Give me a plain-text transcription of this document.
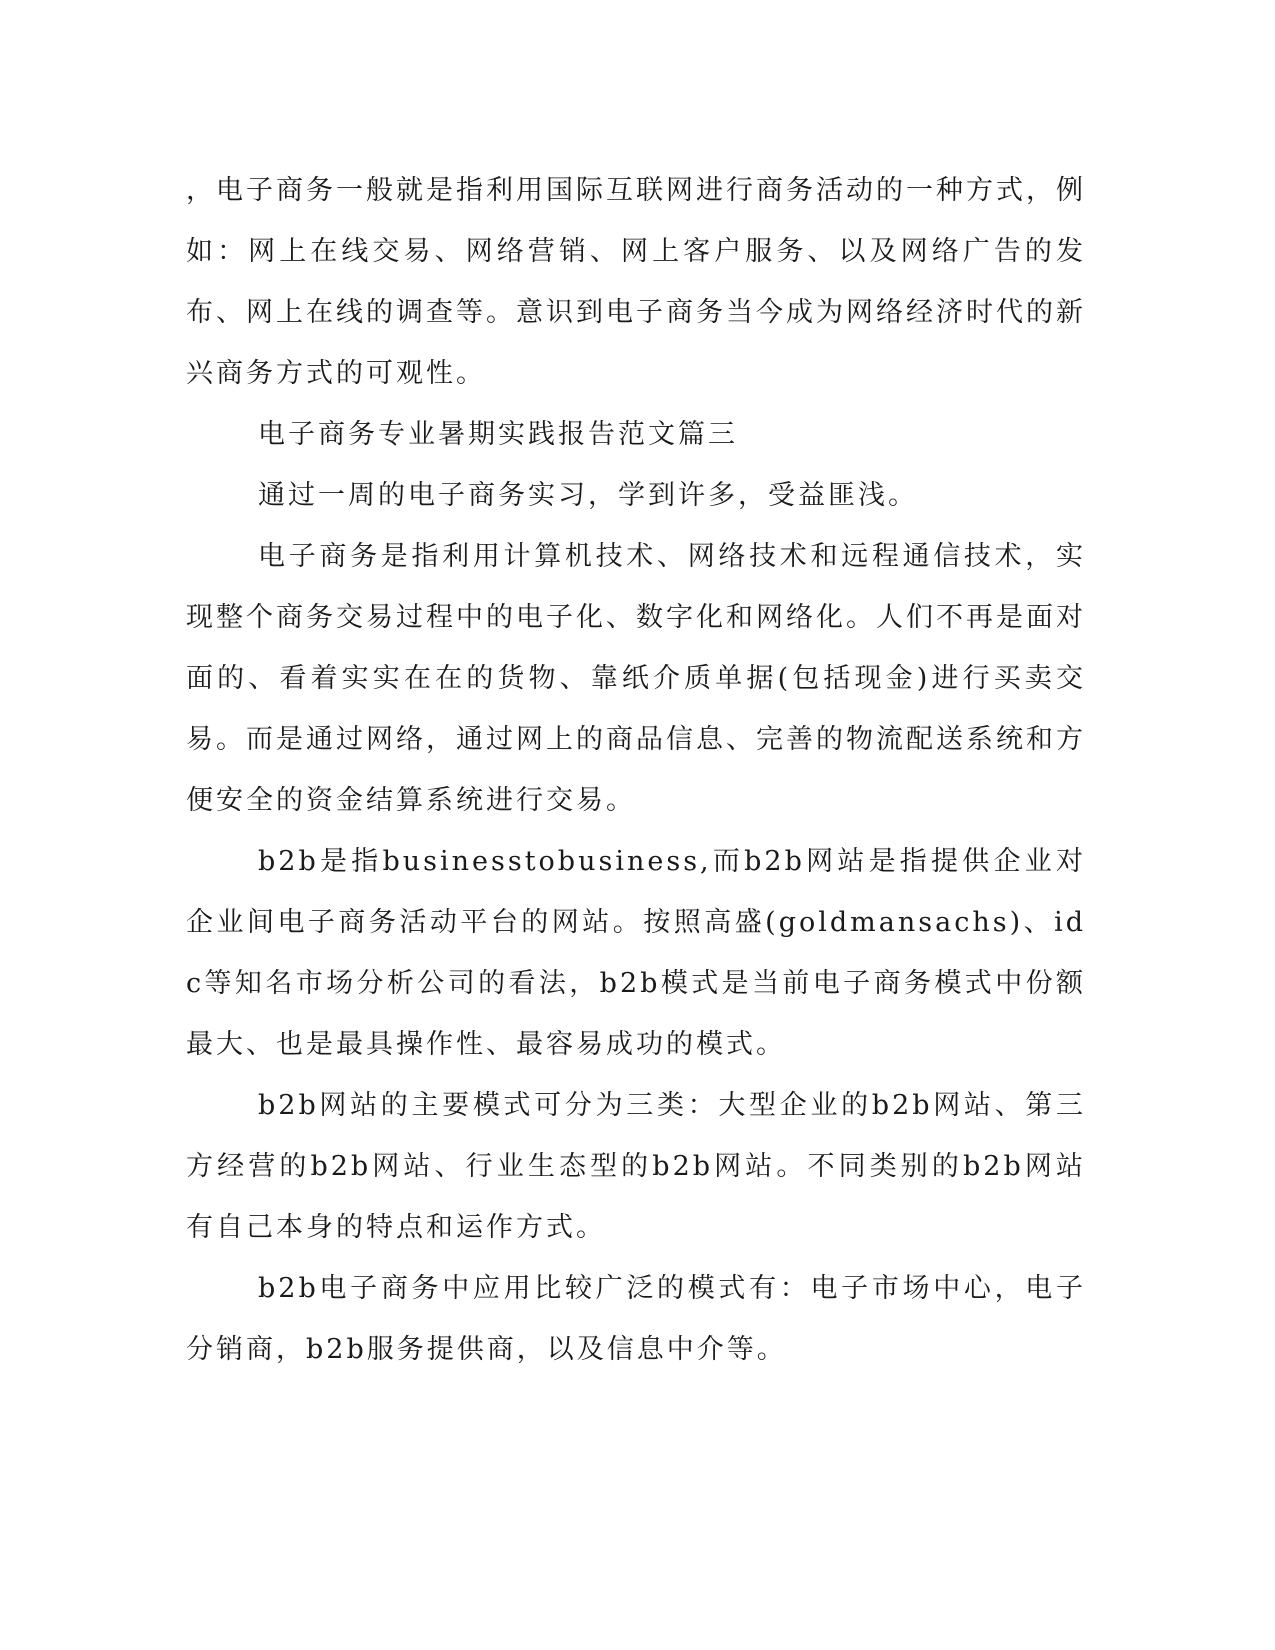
，电子商务一般就是指利用国际互联网进行商务活动的一种方式，例如：网上在线交易、网络营销、网上客户服务、以及网络广告的发布、网上在线的调查等。意识到电子商务当今成为网络经济时代的新兴商务方式的可观性。

电子商务专业暑期实践报告范文篇三

通过一周的电子商务实习，学到许多，受益匪浅。

电子商务是指利用计算机技术、网络技术和远程通信技术，实现整个商务交易过程中的电子化、数字化和网络化。人们不再是面对面的、看着实实在在的货物、靠纸介质单据(包括现金)进行买卖交易。而是通过网络，通过网上的商品信息、完善的物流配送系统和方便安全的资金结算系统进行交易。

b2b是指businesstobusiness,而b2b网站是指提供企业对企业间电子商务活动平台的网站。按照高盛(goldmansachs)、idc等知名市场分析公司的看法，b2b模式是当前电子商务模式中份额最大、也是最具操作性、最容易成功的模式。

b2b网站的主要模式可分为三类：大型企业的b2b网站、第三方经营的b2b网站、行业生态型的b2b网站。不同类别的b2b网站有自己本身的特点和运作方式。

b2b电子商务中应用比较广泛的模式有：电子市场中心，电子分销商，b2b服务提供商，以及信息中介等。
